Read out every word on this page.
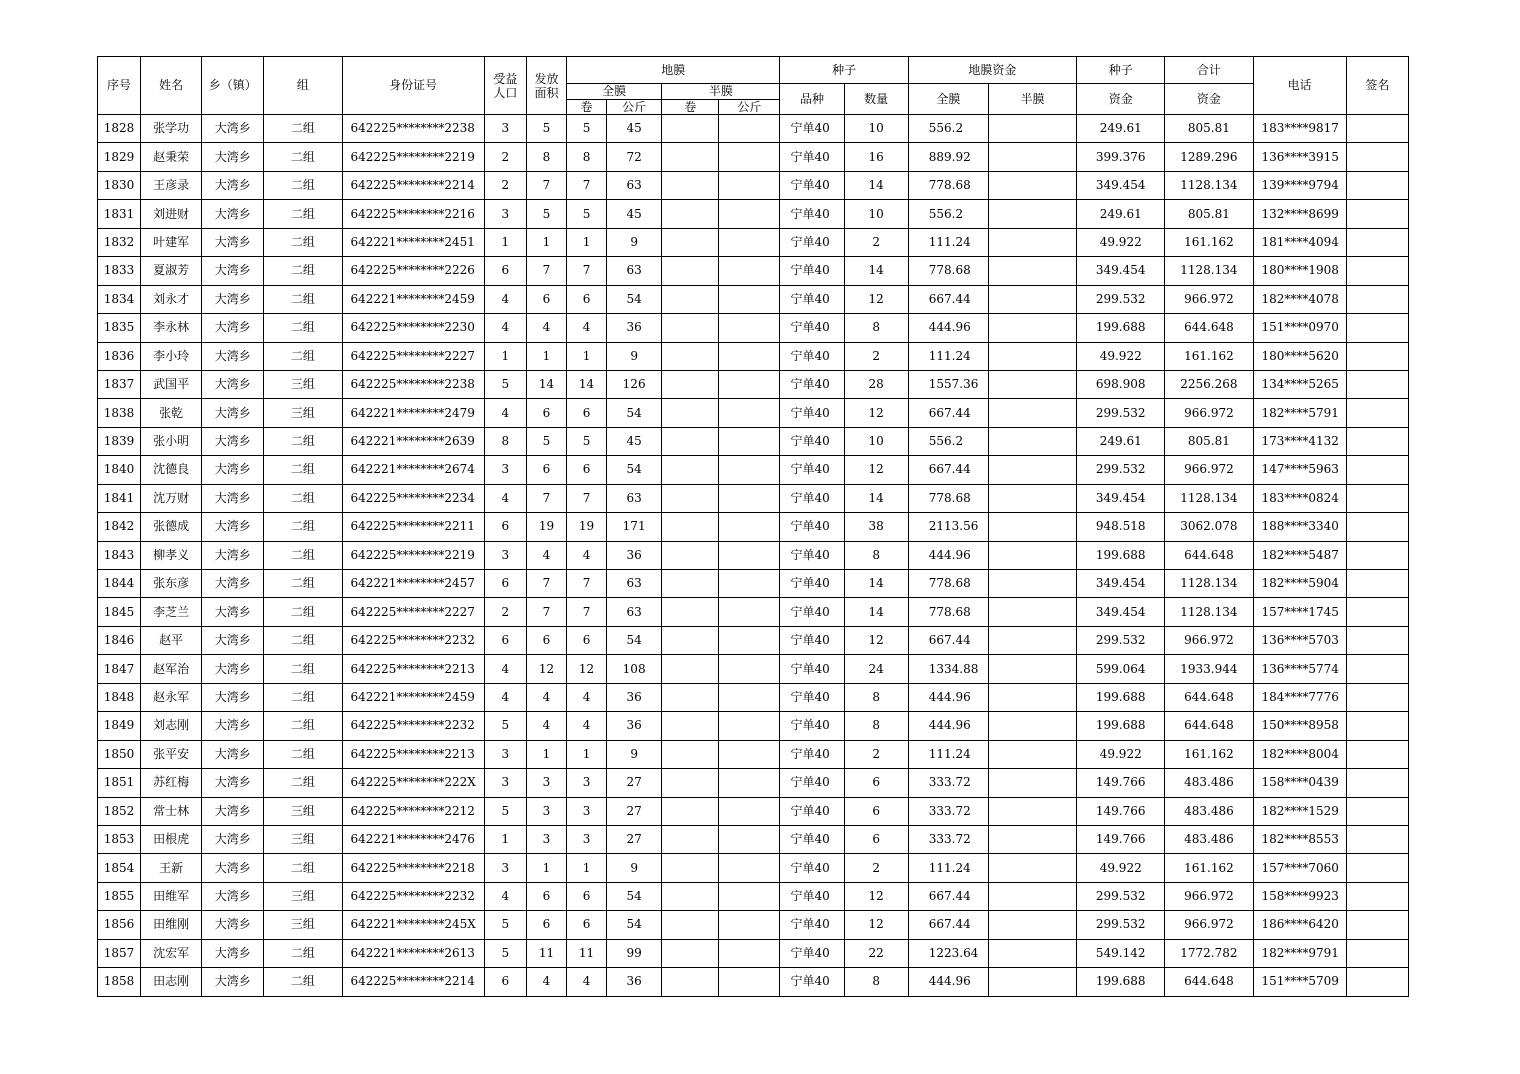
序号	姓名	乡（镇）	组	身份证号	受益人口	发放面积	地膜				种子		地膜资金		种子	合计	电话	签名
							全膜		半膜		品种	数量	全膜	半膜	资金	资金		
							卷	公斤	卷	公斤								
1828	张学功	大湾乡	二组	642225********2238	3	5	5	45			宁单40	10	556.2		249.61	805.81	183****9817	
1829	赵秉荣	大湾乡	二组	642225********2219	2	8	8	72			宁单40	16	889.92		399.376	1289.296	136****3915	
1830	王彦录	大湾乡	二组	642225********2214	2	7	7	63			宁单40	14	778.68		349.454	1128.134	139****9794	
1831	刘进财	大湾乡	二组	642225********2216	3	5	5	45			宁单40	10	556.2		249.61	805.81	132****8699	
1832	叶建军	大湾乡	二组	642221********2451	1	1	1	9			宁单40	2	111.24		49.922	161.162	181****4094	
1833	夏淑芳	大湾乡	二组	642225********2226	6	7	7	63			宁单40	14	778.68		349.454	1128.134	180****1908	
1834	刘永才	大湾乡	二组	642221********2459	4	6	6	54			宁单40	12	667.44		299.532	966.972	182****4078	
1835	李永林	大湾乡	二组	642225********2230	4	4	4	36			宁单40	8	444.96		199.688	644.648	151****0970	
1836	李小玲	大湾乡	二组	642225********2227	1	1	1	9			宁单40	2	111.24		49.922	161.162	180****5620	
1837	武国平	大湾乡	三组	642225********2238	5	14	14	126			宁单40	28	1557.36		698.908	2256.268	134****5265	
1838	张乾	大湾乡	三组	642221********2479	4	6	6	54			宁单40	12	667.44		299.532	966.972	182****5791	
1839	张小明	大湾乡	二组	642221********2639	8	5	5	45			宁单40	10	556.2		249.61	805.81	173****4132	
1840	沈德良	大湾乡	二组	642221********2674	3	6	6	54			宁单40	12	667.44		299.532	966.972	147****5963	
1841	沈万财	大湾乡	二组	642225********2234	4	7	7	63			宁单40	14	778.68		349.454	1128.134	183****0824	
1842	张德成	大湾乡	二组	642225********2211	6	19	19	171			宁单40	38	2113.56		948.518	3062.078	188****3340	
1843	柳孝义	大湾乡	二组	642225********2219	3	4	4	36			宁单40	8	444.96		199.688	644.648	182****5487	
1844	张东彦	大湾乡	二组	642221********2457	6	7	7	63			宁单40	14	778.68		349.454	1128.134	182****5904	
1845	李芝兰	大湾乡	二组	642225********2227	2	7	7	63			宁单40	14	778.68		349.454	1128.134	157****1745	
1846	赵平	大湾乡	二组	642225********2232	6	6	6	54			宁单40	12	667.44		299.532	966.972	136****5703	
1847	赵军治	大湾乡	二组	642225********2213	4	12	12	108			宁单40	24	1334.88		599.064	1933.944	136****5774	
1848	赵永军	大湾乡	二组	642221********2459	4	4	4	36			宁单40	8	444.96		199.688	644.648	184****7776	
1849	刘志刚	大湾乡	二组	642225********2232	5	4	4	36			宁单40	8	444.96		199.688	644.648	150****8958	
1850	张平安	大湾乡	二组	642225********2213	3	1	1	9			宁单40	2	111.24		49.922	161.162	182****8004	
1851	苏红梅	大湾乡	二组	642225********222X	3	3	3	27			宁单40	6	333.72		149.766	483.486	158****0439	
1852	常士林	大湾乡	三组	642225********2212	5	3	3	27			宁单40	6	333.72		149.766	483.486	182****1529	
1853	田根虎	大湾乡	三组	642221********2476	1	3	3	27			宁单40	6	333.72		149.766	483.486	182****8553	
1854	王新	大湾乡	二组	642225********2218	3	1	1	9			宁单40	2	111.24		49.922	161.162	157****7060	
1855	田维军	大湾乡	三组	642225********2232	4	6	6	54			宁单40	12	667.44		299.532	966.972	158****9923	
1856	田维刚	大湾乡	三组	642221********245X	5	6	6	54			宁单40	12	667.44		299.532	966.972	186****6420	
1857	沈宏军	大湾乡	二组	642221********2613	5	11	11	99			宁单40	22	1223.64		549.142	1772.782	182****9791	
1858	田志刚	大湾乡	二组	642225********2214	6	4	4	36			宁单40	8	444.96		199.688	644.648	151****5709	
